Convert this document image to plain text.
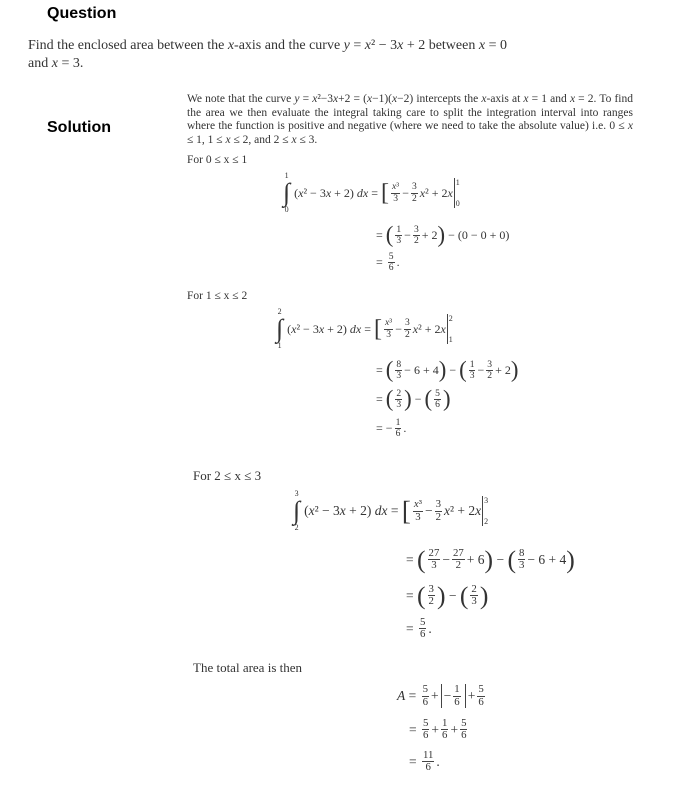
Question
Find the enclosed area between the x-axis and the curve y = x² − 3x + 2 between x = 0
and x = 3.
Solution
We note that the curve y = x²−3x+2 = (x−1)(x−2) intercepts the x-axis at x = 1 and x = 2. To find the area we then evaluate the integral taking care to split the integration interval into ranges where the function is positive and negative (where we need to take the absolute value) i.e. 0 ≤ x ≤ 1, 1 ≤ x ≤ 2, and 2 ≤ x ≤ 3.
For 0 ≤ x ≤ 1
1
∫
0
(x² − 3x + 2) dx = [ $\frac{\text{x³}}{3} - \frac{3}{2}$ x ² + 2 x
1
0
= ( $\frac{1}{3} - \frac{3}{2} + 2$ )
− (0 − 0 + 0)
= $\frac{5}{6}$ .
For 1 ≤ x ≤ 2
2
∫
1
(x² − 3x + 2) dx = [ $\frac{\text{x³}}{3} - \frac{3}{2}$ x ² + 2 x
2
1
= ( $\frac{8}{3} - 6 + 4$ ) − ( $\frac{1}{3} - \frac{3}{2} + 2$ )
= ( $\frac{2}{3}$ ) − ( $\frac{5}{6}$ )
= − $\frac{1}{6}$ .
For 2 ≤ x ≤ 3
3
∫
2
(x² − 3x + 2) dx = [ $\frac{\text{x³}}{3} - \frac{3}{2}$ x ² + 2 x
3
2
= ( $\frac{27}{3} - \frac{27}{2} + 6$ ) − ( $\frac{8}{3} - 6 + 4$ )
= ( $\frac{3}{2}$ ) − ( $\frac{2}{3}$ )
= $\frac{5}{6}$ .
The total area is then
$A = \frac{5}{6}$ +
− $\frac{1}{6} + \frac{5}{6}$
= $\frac{5}{6} + \frac{1}{6} + \frac{5}{6}$
= $\frac{11}{6}$ .
